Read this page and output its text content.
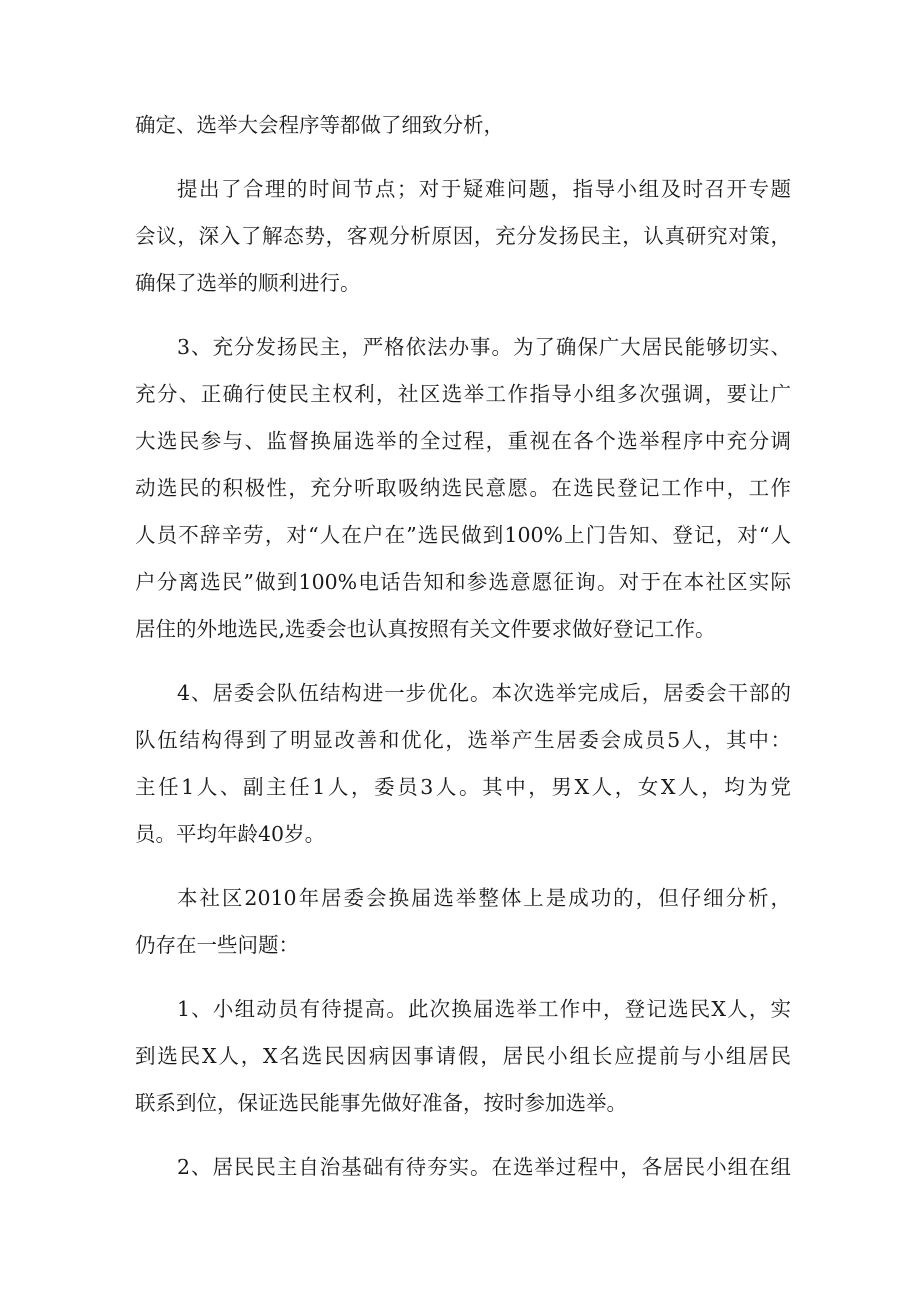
确定、选举大会程序等都做了细致分析，
提出了合理的时间节点；对于疑难问题，指导小组及时召开专题
会议，深入了解态势，客观分析原因，充分发扬民主，认真研究对策，
确保了选举的顺利进行。
3、充分发扬民主，严格依法办事。为了确保广大居民能够切实、
充分、正确行使民主权利，社区选举工作指导小组多次强调，要让广
大选民参与、监督换届选举的全过程，重视在各个选举程序中充分调
动选民的积极性，充分听取吸纳选民意愿。在选民登记工作中，工作
人员不辞辛劳，对“人在户在”选民做到100%上门告知、登记，对“人
户分离选民”做到100%电话告知和参选意愿征询。对于在本社区实际
居住的外地选民,选委会也认真按照有关文件要求做好登记工作。
4、居委会队伍结构进一步优化。本次选举完成后，居委会干部的
队伍结构得到了明显改善和优化，选举产生居委会成员5人，其中：
主任1人、副主任1人，委员3人。其中，男X人，女X人，均为党
员。平均年龄40岁。
本社区2010年居委会换届选举整体上是成功的，但仔细分析，
仍存在一些问题：
1、小组动员有待提高。此次换届选举工作中，登记选民X人，实
到选民X人，X名选民因病因事请假，居民小组长应提前与小组居民
联系到位，保证选民能事先做好准备，按时参加选举。
2、居民民主自治基础有待夯实。在选举过程中，各居民小组在组
